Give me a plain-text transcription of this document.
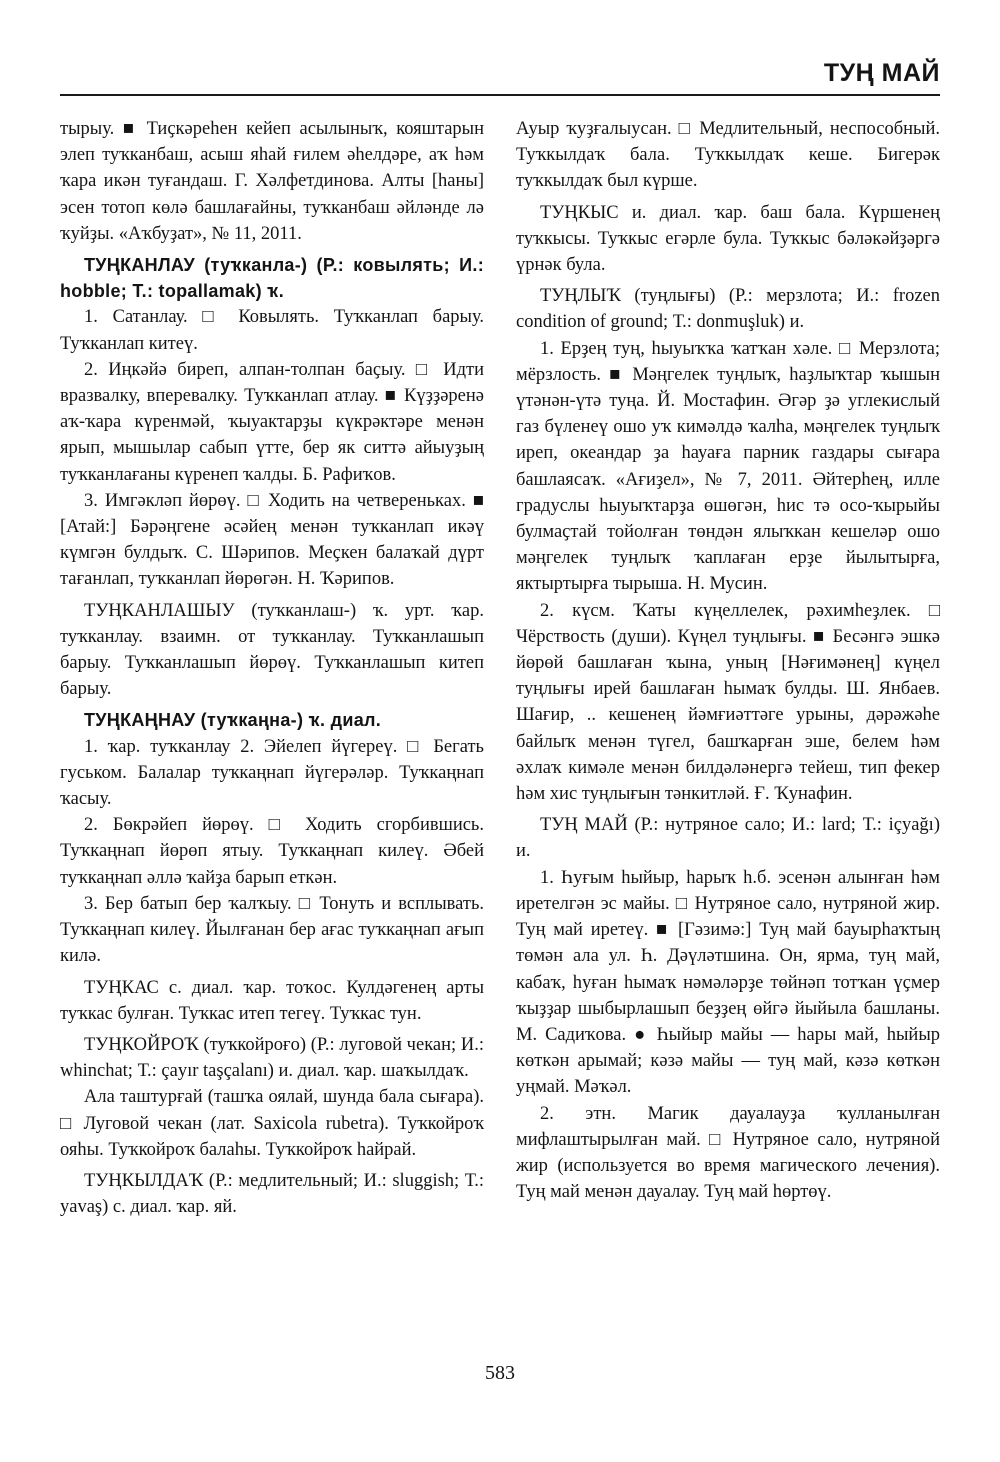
ТУҢ МАЙ

тырыу. ■ Тиҫкәреһен кейеп асылыныҡ, кояштарын элеп туҡканбаш, асыш яһай ғилем әһелдәре, аҡ һәм ҡара икән туғандаш. Г. Хәлфетдинова. Алты [һаны] эсен тотоп көлә башлағайны, туҡканбаш әйләнде лә ҡуйҙы. «Аҡбуҙат», № 11, 2011.

ТУҢКАНЛАУ (туҡканла-) (Р.: ковылять; И.: hobble; Т.: topallamak) ҡ.

1. Сатанлау. □ Ковылять. Туҡканлап барыу. Туҡканлап китеү.

2. Иңкәйә биреп, алпан-толпан баҫыу. □ Идти вразвалку, вперевалку. Туҡканлап атлау. ■ Күҙҙәренә аҡ-ҡара күренмәй, ҡыуактарҙы күкрәктәре менән ярып, мышылар сабып үтте, бер як ситтә айыуҙың туҡканлағаны күренеп ҡалды. Б. Рафиҡов.

3. Имгәкләп йөрөү. □ Ходить на четвереньках. ■ [Атай:] Бәрәңгене әсәйең менән туҡканлап икәү күмгән булдыҡ. С. Шәрипов. Меҫкен балаҡай дүрт тағанлап, туҡканлап йөрөгән. Н. Ҡәрипов.

ТУҢКАНЛАШЫУ (туҡканлаш-) ҡ. урт. ҡар. туҡканлау. взаимн. от туҡканлау. Туҡканлашып барыу. Туҡканлашып йөрөү. Туҡканлашып китеп барыу.

ТУҢКАҢНАУ (туҡкаңна-) ҡ. диал.

1. ҡар. туҡканлау 2. Эйелеп йүгереү. □ Бегать гуськом. Балалар туҡкаңнап йүгерәләр. Туҡкаңнап ҡасыу.

2. Бөкрәйеп йөрөү. □ Ходить сгорбившись. Туҡкаңнап йөрөп ятыу. Туҡкаңнап килеү. Әбей туҡкаңнап әллә ҡайҙа барып еткән.

3. Бер батып бер ҡалҡыу. □ Тонуть и всплывать. Туҡкаңнап килеү. Йылғанан бер ағас туҡкаңнап ағып килә.

ТУҢКАС с. диал. ҡар. тоҡос. Кулдәгенең арты туҡкас булған. Туҡкас итеп тегеү. Туҡкас тун.

ТУҢКОЙРОҠ (туҡкойроғо) (Р.: луговой чекан; И.: whinchat; Т.: çayır taşçalanı) и. диал. ҡар. шаҡылдаҡ.

Ала таштурғай (ташҡа оялай, шунда бала сығара). □ Луговой чекан (лат. Saxicola rubetra). Туҡкойроҡ ояһы. Туҡкойроҡ балаһы. Туҡкойроҡ һайрай.

ТУҢКЫЛДАҠ (Р.: медлительный; И.: sluggish; Т.: yavaş) с. диал. ҡар. яй.

Ауыр ҡуҙғалыусан. □ Медлительный, неспособный. Туҡкылдаҡ бала. Туҡкылдаҡ кеше. Бигерәк туҡкылдаҡ был күрше.

ТУҢКЫС и. диал. ҡар. баш бала. Күршенең туҡкысы. Туҡкыс егәрле була. Туҡкыс бәләкәйҙәргә үрнәк була.

ТУҢЛЫҠ (туңлығы) (Р.: мерзлота; И.: frozen condition of ground; Т.: donmuşluk) и.

1. Ерҙең туң, һыуыҡҡа ҡатҡан хәле. □ Мерзлота; мёрзлость. ■ Мәңгелек туңлыҡ, һаҙлыҡтар ҡышын үтәнән-үтә туңа. Й. Мостафин. Әгәр ҙә углекислый газ бүленеү ошо уҡ кимәлдә ҡалһа, мәңгелек туңлыҡ иреп, океандар ҙа һауаға парник газдары сығара башлаясаҡ. «Ағиҙел», № 7, 2011. Әйтерһең, илле градуслы һыуыҡтарҙа өшөгән, һис тә осо-ҡырыйы булмаҫтай тойолған төндән ялыҡкан кешеләр ошо мәңгелек туңлыҡ ҡаплаған ерҙе йылытырға, яктыртырға тырыша. Н. Мусин.

2. күсм. Ҡаты күңеллелек, рәхимһеҙлек. □ Чёрствость (души). Күңел туңлығы. ■ Бесәнгә эшкә йөрөй башлаған ҡына, уның [Нәғимәнең] күңел туңлығы ирей башлаған һымаҡ булды. Ш. Янбаев. Шағир, .. кешенең йәмғиәттәге урыны, дәрәжәһе байлыҡ менән түгел, башҡарған эше, белем һәм әхлаҡ кимәле менән билдәләнергә тейеш, тип фекер һәм хис туңлығын тәнкитләй. Ғ. Ҡунафин.

ТУҢ МАЙ (Р.: нутряное сало; И.: lard; Т.: içyağı) и.

1. Һуғым һыйыр, һарыҡ һ.б. эсенән алынған һәм иретелгән эс майы. □ Нутряное сало, нутряной жир. Туң май иретеү. ■ [Гәзимә:] Туң май бауырһаҡтың төмән ала ул. Һ. Дәүләтшина. Он, ярма, туң май, кабаҡ, һуған һымаҡ нәмәләрҙе төйнәп тотҡан үҫмер ҡыҙҙар шыбырлашып беҙҙең өйгә йыйыла башланы. М. Садиҡова. ● Һыйыр майы — һары май, һыйыр көткән арымай; кәзә майы — туң май, кәзә көткән уңмай. Мәҡәл.

2. этн. Магик дауалауҙа ҡулланылған мифлаштырылған май. □ Нутряное сало, нутряной жир (используется во время магического лечения). Туң май менән дауалау. Туң май һөртөү.

583
